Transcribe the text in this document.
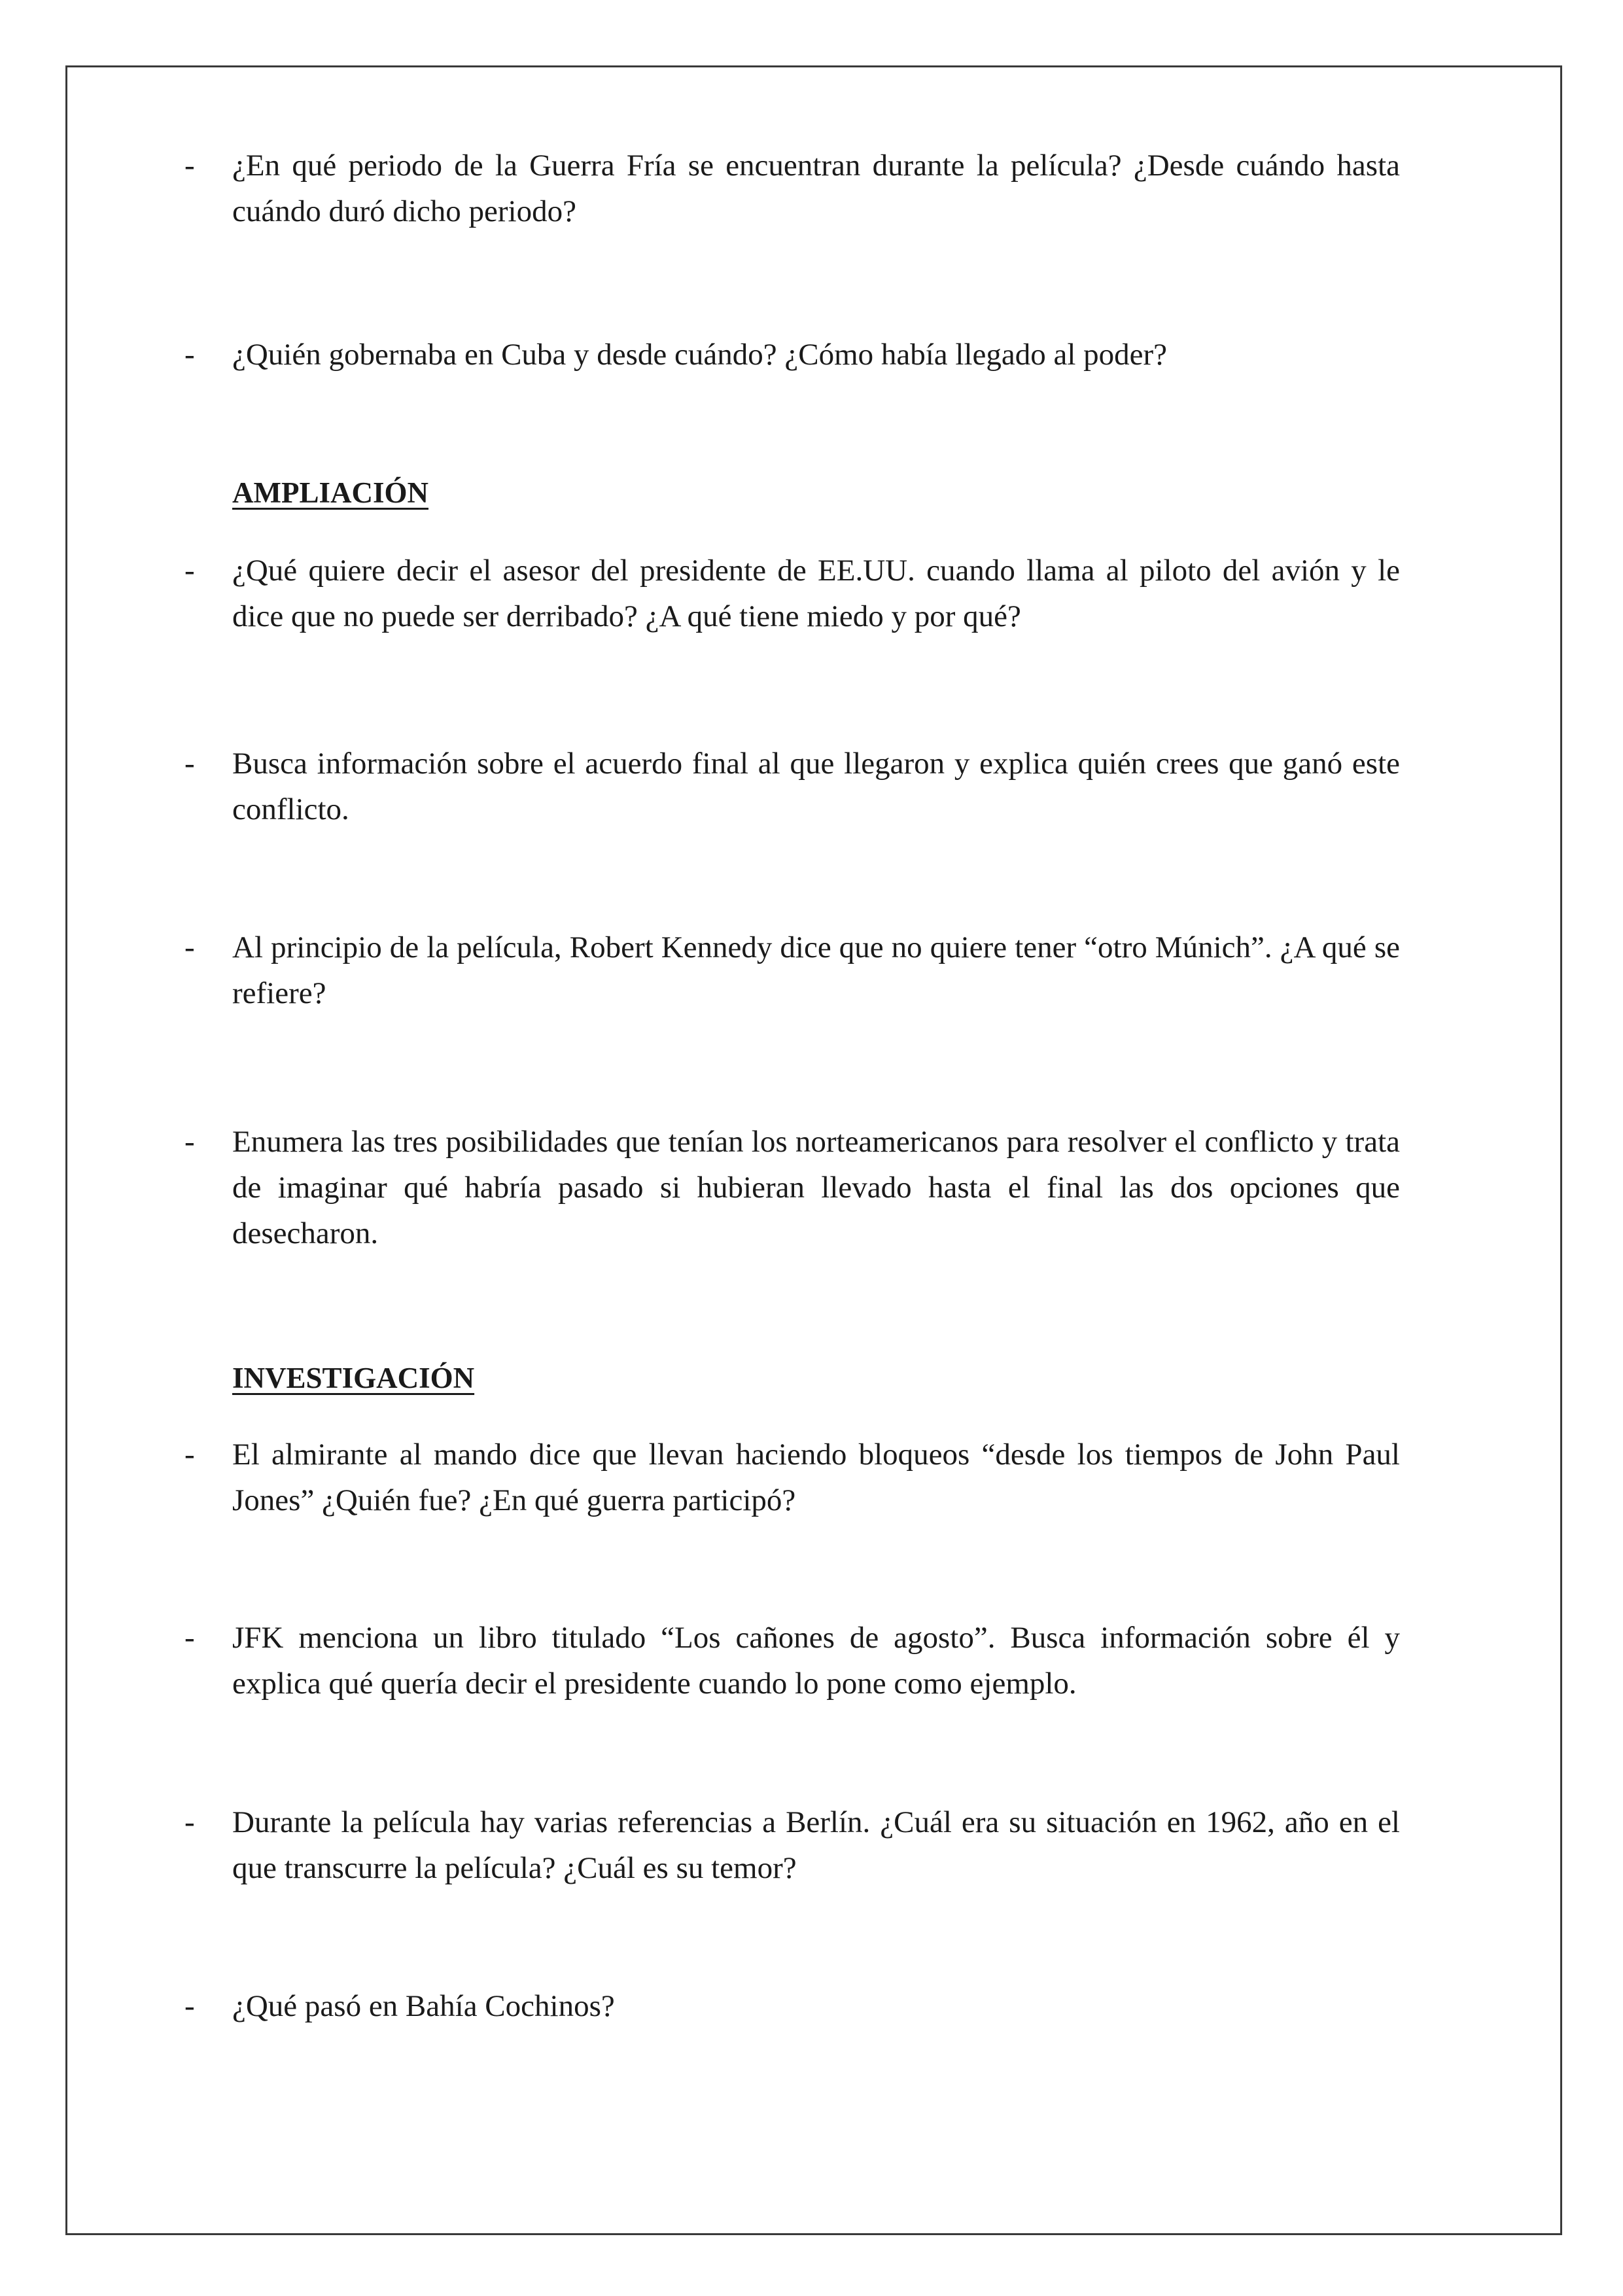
- ¿En qué periodo de la Guerra Fría se encuentran durante la película? ¿Desde cuándo hasta cuándo duró dicho periodo?
- ¿Quién gobernaba en Cuba y desde cuándo? ¿Cómo había llegado al poder?
AMPLIACIÓN
- ¿Qué quiere decir el asesor del presidente de EE.UU. cuando llama al piloto del avión y le dice que no puede ser derribado? ¿A qué tiene miedo y por qué?
- Busca información sobre el acuerdo final al que llegaron y explica quién crees que ganó este conflicto.
- Al principio de la película, Robert Kennedy dice que no quiere tener “otro Múnich”. ¿A qué se refiere?
- Enumera las tres posibilidades que tenían los norteamericanos para resolver el conflicto y trata de imaginar qué habría pasado si hubieran llevado hasta el final las dos opciones que desecharon.
INVESTIGACIÓN
- El almirante al mando dice que llevan haciendo bloqueos “desde los tiempos de John Paul Jones” ¿Quién fue? ¿En qué guerra participó?
- JFK menciona un libro titulado “Los cañones de agosto”. Busca información sobre él y explica qué quería decir el presidente cuando lo pone como ejemplo.
- Durante la película hay varias referencias a Berlín. ¿Cuál era su situación en 1962, año en el que transcurre la película? ¿Cuál es su temor?
- ¿Qué pasó en Bahía Cochinos?
